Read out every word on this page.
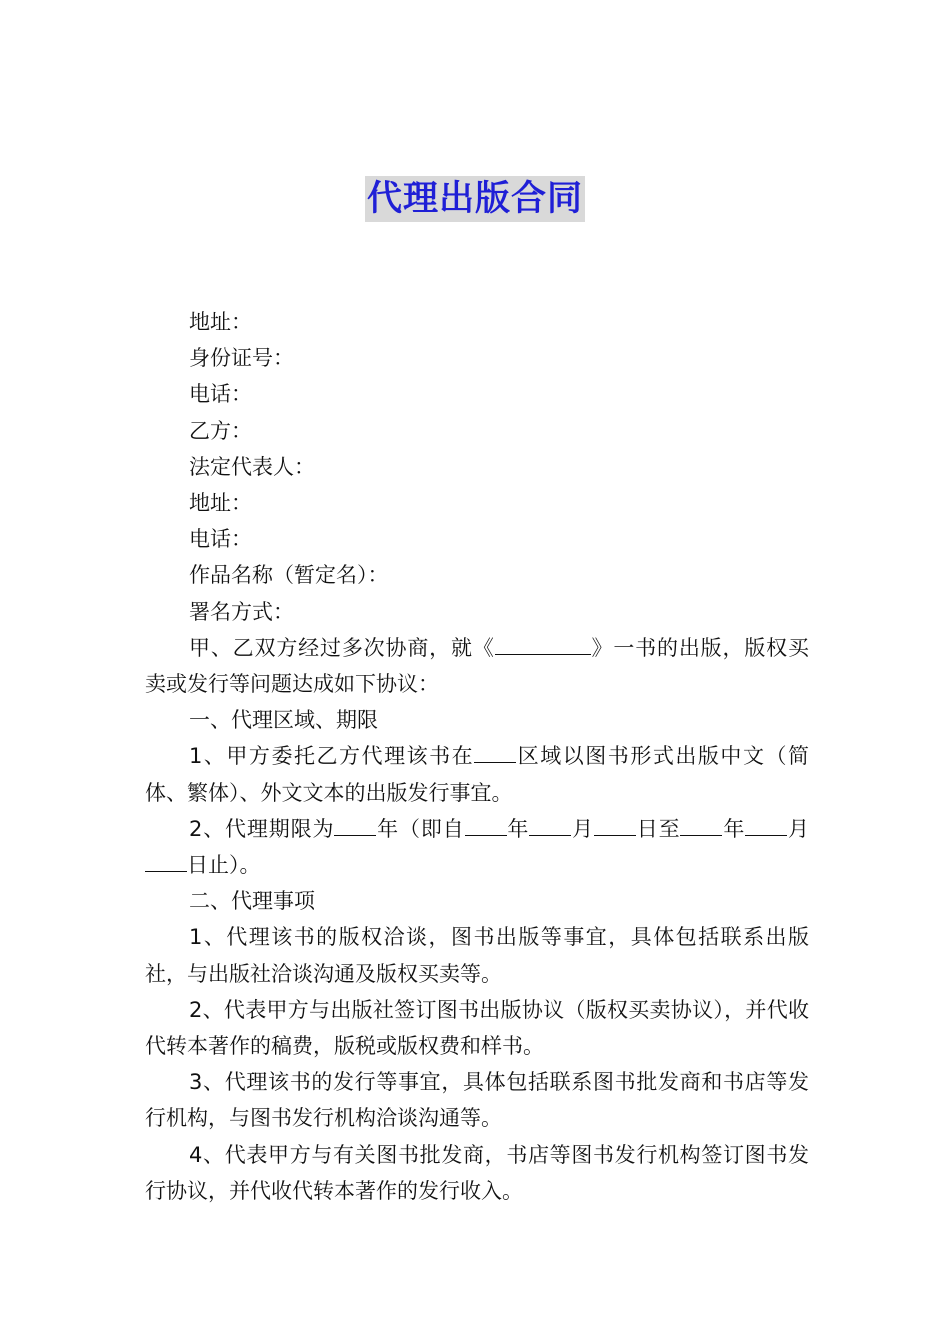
代理出版合同

地址：

身份证号：

电话：

乙方：

法定代表人：

地址：

电话：

作品名称（暂定名）：

署名方式：

甲、乙双方经过多次协商，就《	》一书的出版，版权买卖或发行等问题达成如下协议：

一、代理区域、期限

1、甲方委托乙方代理该书在 区域以图书形式出版中文（简体、繁体）、外文文本的出版发行事宜。

2、代理期限为 年（即自 年 月 日至 年 月日止）。

二、代理事项

1、代理该书的版权洽谈，图书出版等事宜，具体包括联系出版社，与出版社洽谈沟通及版权买卖等。

2、代表甲方与出版社签订图书出版协议（版权买卖协议），并代收代转本著作的稿费，版税或版权费和样书。

3、代理该书的发行等事宜，具体包括联系图书批发商和书店等发行机构，与图书发行机构洽谈沟通等。

4、代表甲方与有关图书批发商，书店等图书发行机构签订图书发行协议，并代收代转本著作的发行收入。
